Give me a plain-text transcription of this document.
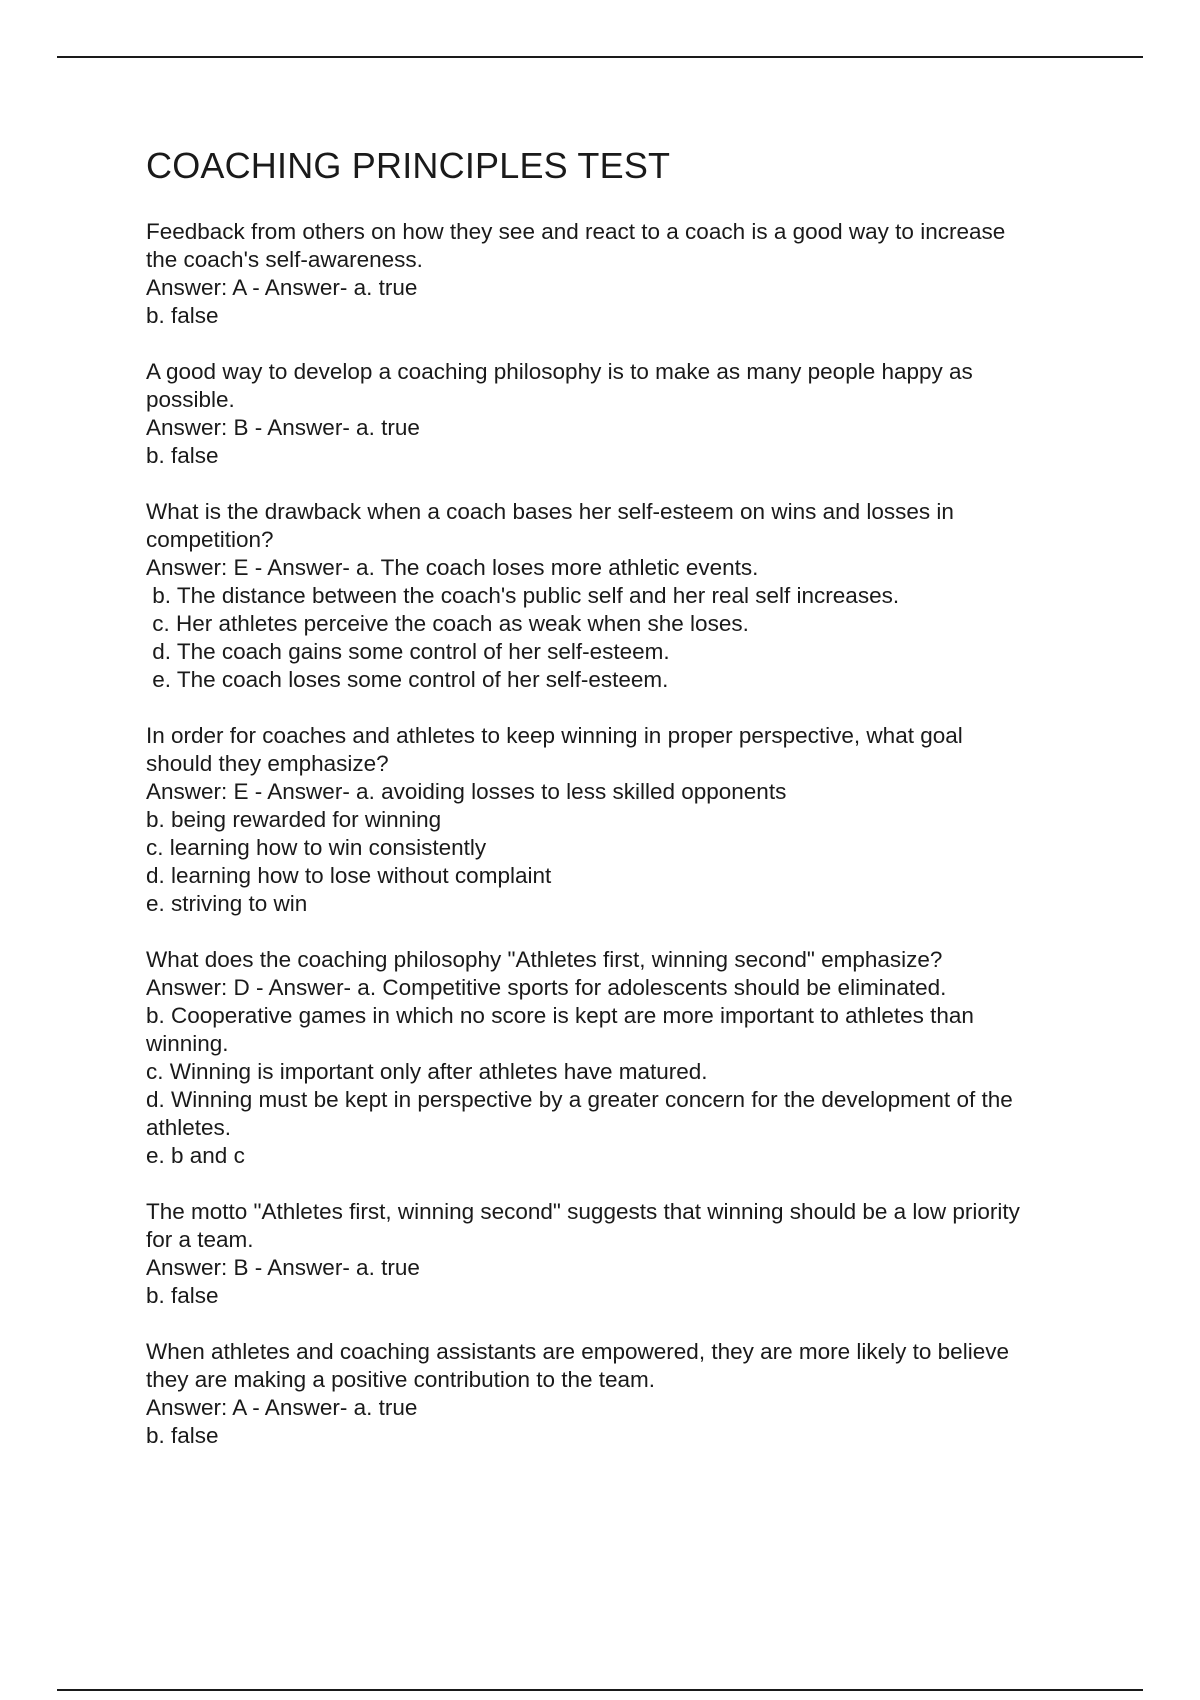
COACHING PRINCIPLES TEST
Feedback from others on how they see and react to a coach is a good way to increase
the coach's self-awareness.
Answer: A - Answer- a. true
b. false
A good way to develop a coaching philosophy is to make as many people happy as
possible.
Answer: B - Answer- a. true
b. false
What is the drawback when a coach bases her self-esteem on wins and losses in
competition?
Answer: E - Answer- a. The coach loses more athletic events.
b. The distance between the coach's public self and her real self increases.
c. Her athletes perceive the coach as weak when she loses.
d. The coach gains some control of her self-esteem.
e. The coach loses some control of her self-esteem.
In order for coaches and athletes to keep winning in proper perspective, what goal
should they emphasize?
Answer: E - Answer- a. avoiding losses to less skilled opponents
b. being rewarded for winning
c. learning how to win consistently
d. learning how to lose without complaint
e. striving to win
What does the coaching philosophy "Athletes first, winning second" emphasize?
Answer: D - Answer- a. Competitive sports for adolescents should be eliminated.
b. Cooperative games in which no score is kept are more important to athletes than
winning.
c. Winning is important only after athletes have matured.
d. Winning must be kept in perspective by a greater concern for the development of the
athletes.
e. b and c
The motto "Athletes first, winning second" suggests that winning should be a low priority
for a team.
Answer: B - Answer- a. true
b. false
When athletes and coaching assistants are empowered, they are more likely to believe
they are making a positive contribution to the team.
Answer: A - Answer- a. true
b. false
